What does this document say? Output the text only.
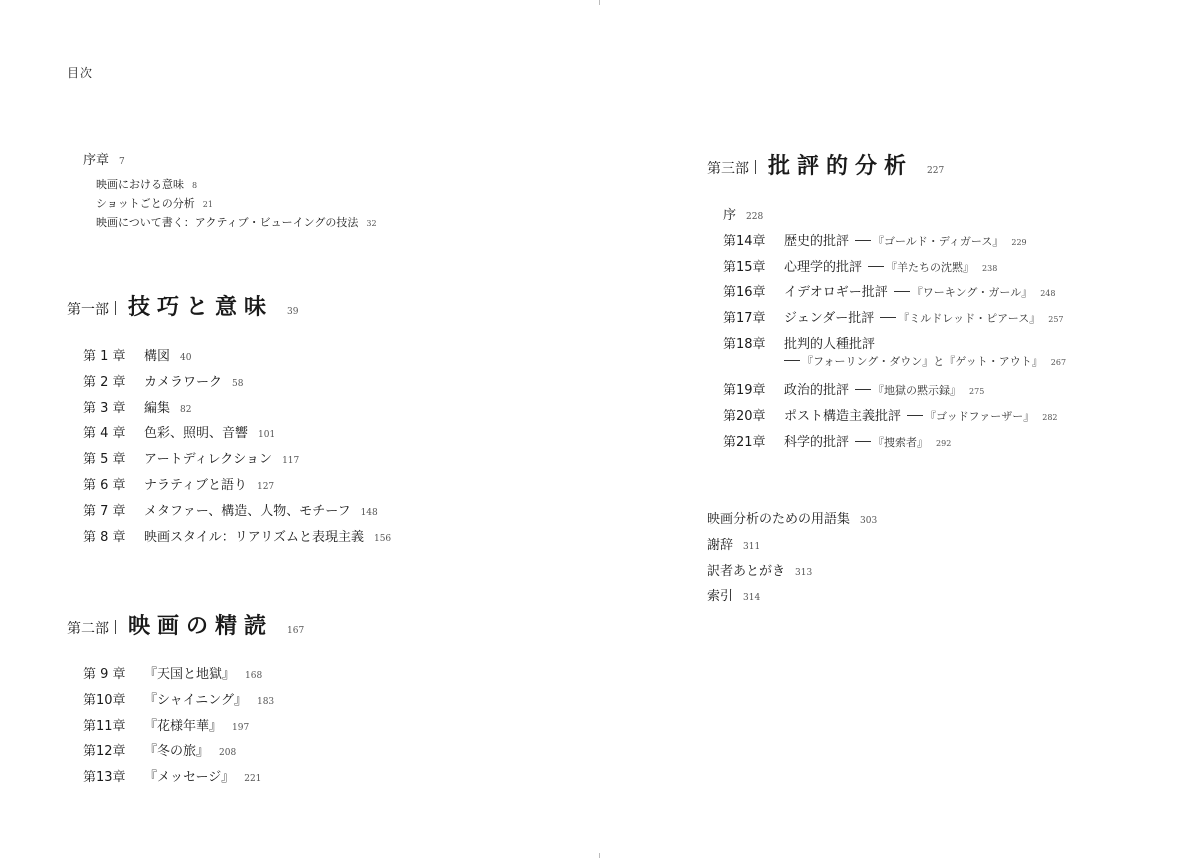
目次
序章 7
映画における意味 8
ショットごとの分析 21
映画について書く：アクティブ・ビューイングの技法 32
第一部 技巧と意味 39
第 1 章	構図 40
第 2 章	カメラワーク 58
第 3 章	編集 82
第 4 章	色彩、照明、音響 101
第 5 章	アートディレクション 117
第 6 章	ナラティブと語り 127
第 7 章	メタファー、構造、人物、モチーフ 148
第 8 章	映画スタイル：リアリズムと表現主義 156
第二部 映画の精読 167
第 9 章	『天国と地獄』 168
第10章	『シャイニング』 183
第11章	『花様年華』 197
第12章	『冬の旅』 208
第13章	『メッセージ』 221
第三部 批評的分析 227
序 228
第14章	歴史的批評 『ゴールド・ディガース』 229
第15章	心理学的批評 『羊たちの沈黙』 238
第16章	イデオロギー批評 『ワーキング・ガール』 248
第17章	ジェンダー批評 『ミルドレッド・ピアース』 257
第18章	批判的人種批評
『フォーリング・ダウン』と『ゲット・アウト』 267
第19章	政治的批評 『地獄の黙示録』 275
第20章	ポスト構造主義批評 『ゴッドファーザー』 282
第21章	科学的批評 『捜索者』 292
映画分析のための用語集 303
謝辞 311
訳者あとがき 313
索引 314
